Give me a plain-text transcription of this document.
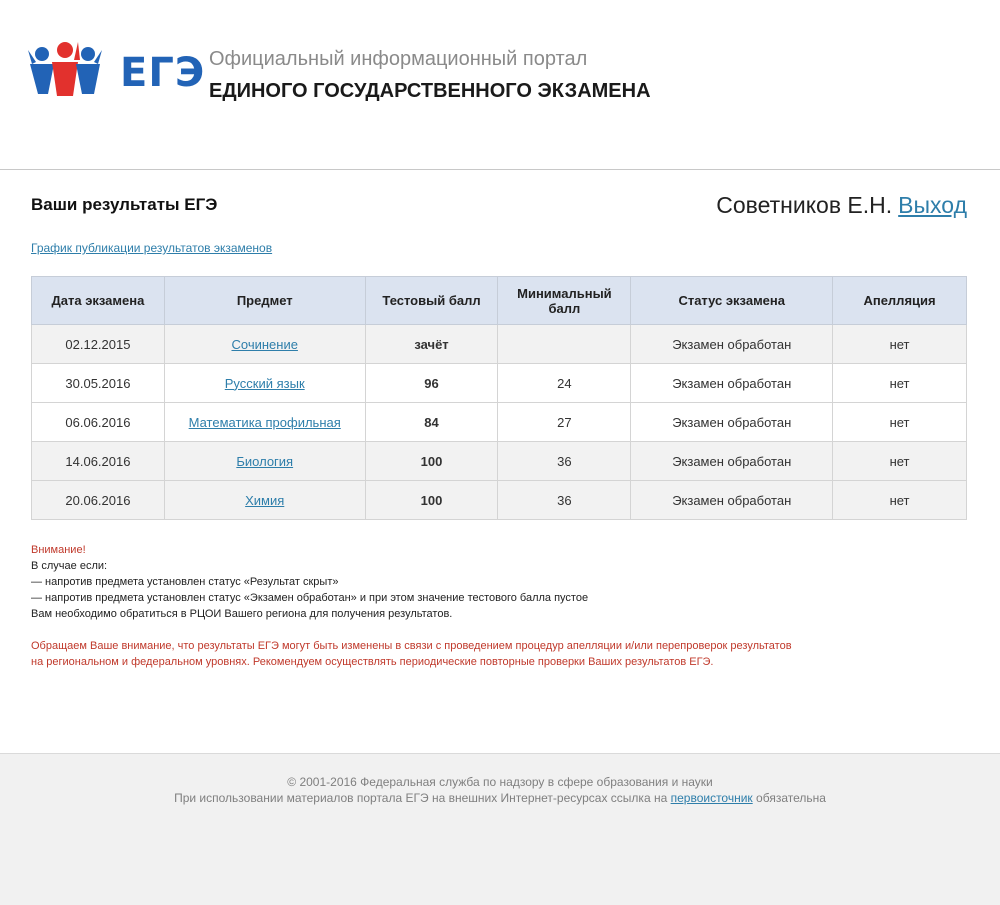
ЕГЭ Официальный информационный портал
ЕДИНОГО ГОСУДАРСТВЕННОГО ЭКЗАМЕНА
Ваши результаты ЕГЭ	Советников Е.Н. Выход
График публикации результатов экзаменов
Дата экзамена	Предмет	Тестовый балл	Минимальный балл	Статус экзамена	Апелляция
02.12.2015	Сочинение	зачёт		Экзамен обработан	нет
30.05.2016	Русский язык	96	24	Экзамен обработан	нет
06.06.2016	Математика профильная	84	27	Экзамен обработан	нет
14.06.2016	Биология	100	36	Экзамен обработан	нет
20.06.2016	Химия	100	36	Экзамен обработан	нет

Внимание!

В случае если:

— напротив предмета установлен статус «Результат скрыт»

— напротив предмета установлен статус «Экзамен обработан» и при этом значение тестового балла пустое

Вам необходимо обратиться в РЦОИ Вашего региона для получения результатов.

Обращаем Ваше внимание, что результаты ЕГЭ могут быть изменены в связи с проведением процедур апелляции и/или перепроверок результатов

на региональном и федеральном уровнях. Рекомендуем осуществлять периодические повторные проверки Ваших результатов ЕГЭ.

© 2001-2016 Федеральная служба по надзору в сфере образования и науки
При использовании материалов портала ЕГЭ на внешних Интернет-ресурсах ссылка на первоисточник обязательна
